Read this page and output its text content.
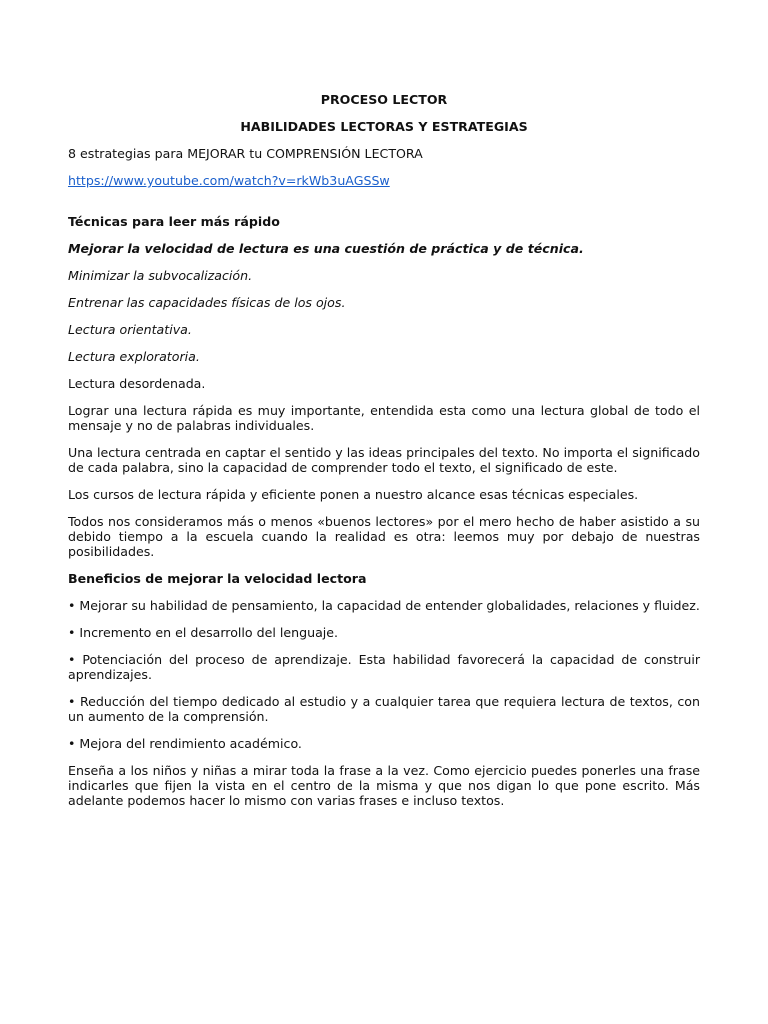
PROCESO LECTOR

HABILIDADES LECTORAS Y ESTRATEGIAS

8 estrategias para MEJORAR tu COMPRENSIÓN LECTORA

https://www.youtube.com/watch?v=rkWb3uAGSSw

Técnicas para leer más rápido

Mejorar la velocidad de lectura es una cuestión de práctica y de técnica.

Minimizar la subvocalización.

Entrenar las capacidades físicas de los ojos.

Lectura orientativa.

Lectura exploratoria.

Lectura desordenada.

Lograr una lectura rápida es muy importante, entendida esta como una lectura global de todo el mensaje y no de palabras individuales.

Una lectura centrada en captar el sentido y las ideas principales del texto. No importa el significado de cada palabra, sino la capacidad de comprender todo el texto, el significado de este.

Los cursos de lectura rápida y eficiente ponen a nuestro alcance esas técnicas especiales.

Todos nos consideramos más o menos «buenos lectores» por el mero hecho de haber asistido a su debido tiempo a la escuela cuando la realidad es otra: leemos muy por debajo de nuestras posibilidades.

Beneficios de mejorar la velocidad lectora

• Mejorar su habilidad de pensamiento, la capacidad de entender globalidades, relaciones y fluidez.

• Incremento en el desarrollo del lenguaje.

• Potenciación del proceso de aprendizaje. Esta habilidad favorecerá la capacidad de construir aprendizajes.

• Reducción del tiempo dedicado al estudio y a cualquier tarea que requiera lectura de textos, con un aumento de la comprensión.

• Mejora del rendimiento académico.

Enseña a los niños y niñas a mirar toda la frase a la vez. Como ejercicio puedes ponerles una frase indicarles que fijen la vista en el centro de la misma y que nos digan lo que pone escrito. Más adelante podemos hacer lo mismo con varias frases e incluso textos.
